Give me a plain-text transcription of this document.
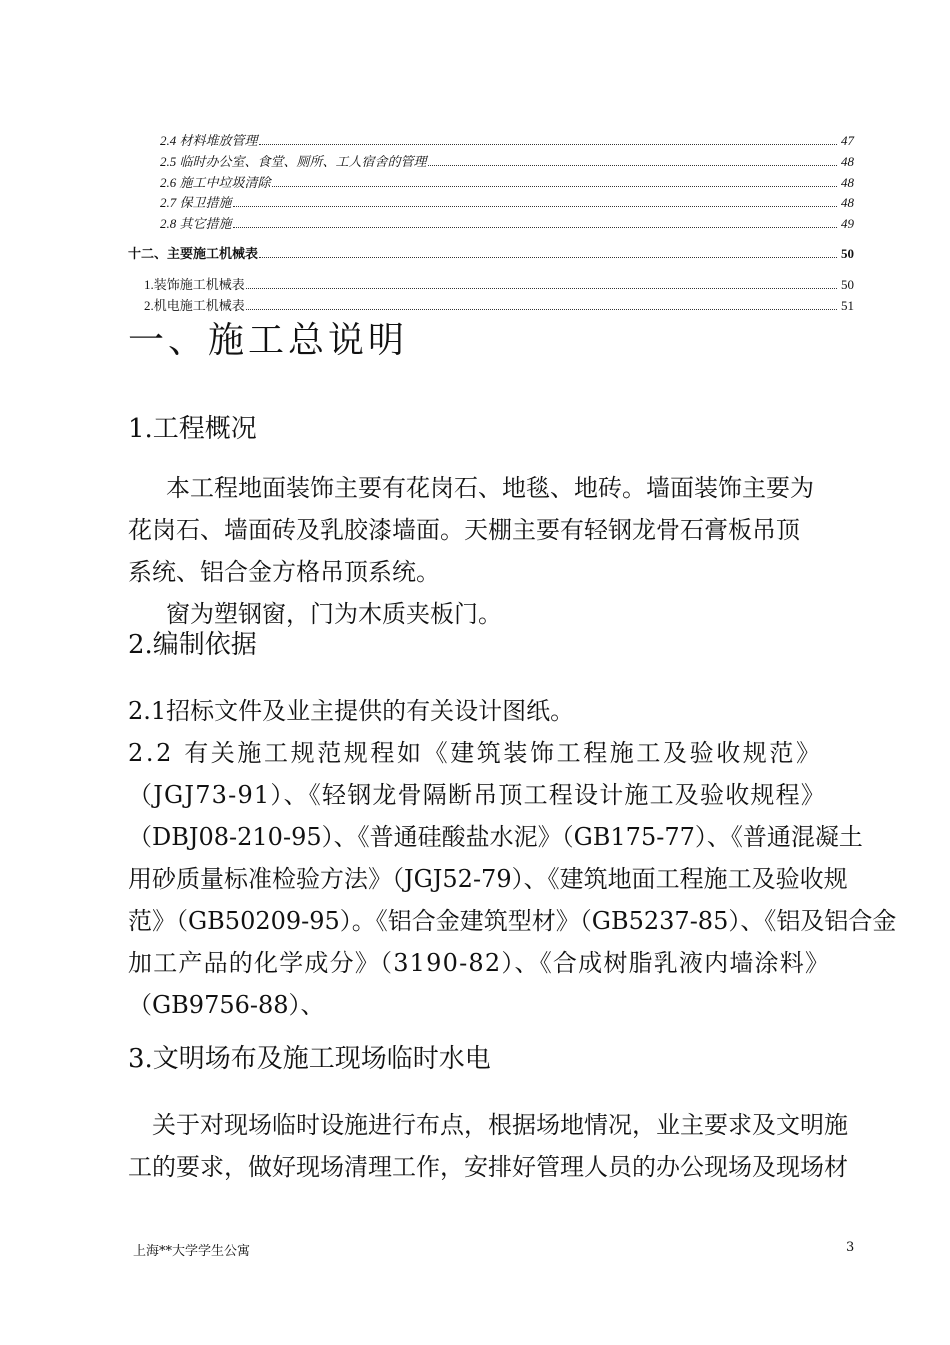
2.4 材料堆放管理	47
2.5 临时办公室、食堂、厕所、工人宿舍的管理	48
2.6 施工中垃圾清除	48
2.7 保卫措施	48
2.8 其它措施	49
十二、主要施工机械表	50
1.装饰施工机械表	50
2.机电施工机械表	51
一、施工总说明
1.工程概况
本工程地面装饰主要有花岗石、地毯、地砖。墙面装饰主要为
花岗石、墙面砖及乳胶漆墙面。天棚主要有轻钢龙骨石膏板吊顶
系统、铝合金方格吊顶系统。
窗为塑钢窗，门为木质夹板门。
2.编制依据
2.1招标文件及业主提供的有关设计图纸。
2.2 有关施工规范规程如《建筑装饰工程施工及验收规范》
（JGJ73-91）、《轻钢龙骨隔断吊顶工程设计施工及验收规程》
（DBJ08-210-95）、《普通硅酸盐水泥》（GB175-77）、《普通混凝土
用砂质量标准检验方法》（JGJ52-79）、《建筑地面工程施工及验收规
范》（GB50209-95）。《铝合金建筑型材》（GB5237-85）、《铝及铝合金
加工产品的化学成分》（3190-82）、《合成树脂乳液内墙涂料》
（GB9756-88）、
3.文明场布及施工现场临时水电
关于对现场临时设施进行布点，根据场地情况，业主要求及文明施
工的要求，做好现场清理工作，安排好管理人员的办公现场及现场材
上海**大学学生公寓	3
